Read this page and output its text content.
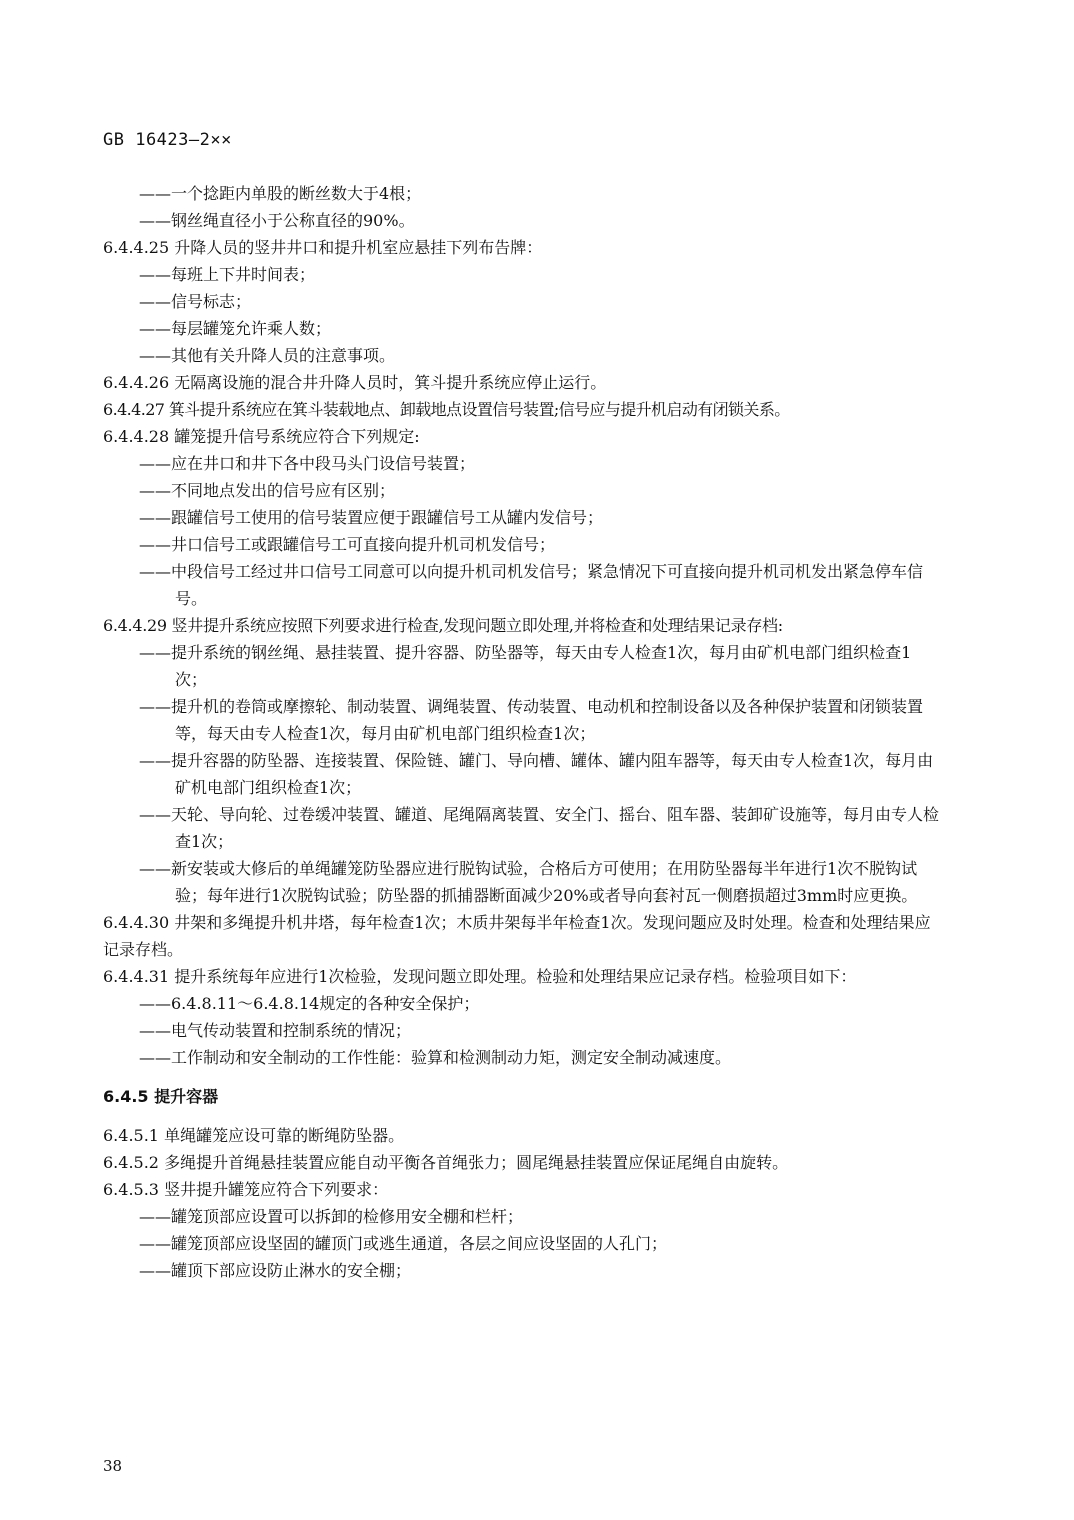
GB 16423—2××
——一个捻距内单股的断丝数大于4根；
——钢丝绳直径小于公称直径的90%。
6.4.4.25 升降人员的竖井井口和提升机室应悬挂下列布告牌：
——每班上下井时间表；
——信号标志；
——每层罐笼允许乘人数；
——其他有关升降人员的注意事项。
6.4.4.26 无隔离设施的混合井升降人员时，箕斗提升系统应停止运行。
6.4.4.27 箕斗提升系统应在箕斗装载地点、卸载地点设置信号装置;信号应与提升机启动有闭锁关系。
6.4.4.28 罐笼提升信号系统应符合下列规定:
——应在井口和井下各中段马头门设信号装置；
——不同地点发出的信号应有区别；
——跟罐信号工使用的信号装置应便于跟罐信号工从罐内发信号；
——井口信号工或跟罐信号工可直接向提升机司机发信号；
——中段信号工经过井口信号工同意可以向提升机司机发信号；紧急情况下可直接向提升机司机发出紧急停车信号。
6.4.4.29 竖井提升系统应按照下列要求进行检查,发现问题立即处理,并将检查和处理结果记录存档:
——提升系统的钢丝绳、悬挂装置、提升容器、防坠器等，每天由专人检查1次，每月由矿机电部门组织检查1次；
——提升机的卷筒或摩擦轮、制动装置、调绳装置、传动装置、电动机和控制设备以及各种保护装置和闭锁装置等，每天由专人检查1次，每月由矿机电部门组织检查1次；
——提升容器的防坠器、连接装置、保险链、罐门、导向槽、罐体、罐内阻车器等，每天由专人检查1次，每月由矿机电部门组织检查1次；
——天轮、导向轮、过卷缓冲装置、罐道、尾绳隔离装置、安全门、摇台、阻车器、装卸矿设施等，每月由专人检查1次；
——新安装或大修后的单绳罐笼防坠器应进行脱钩试验，合格后方可使用；在用防坠器每半年进行1次不脱钩试验；每年进行1次脱钩试验；防坠器的抓捕器断面减少20%或者导向套衬瓦一侧磨损超过3mm时应更换。
6.4.4.30 井架和多绳提升机井塔，每年检查1次；木质井架每半年检查1次。发现问题应及时处理。检查和处理结果应记录存档。
6.4.4.31 提升系统每年应进行1次检验，发现问题立即处理。检验和处理结果应记录存档。检验项目如下：
——6.4.8.11～6.4.8.14规定的各种安全保护；
——电气传动装置和控制系统的情况；
——工作制动和安全制动的工作性能：验算和检测制动力矩，测定安全制动减速度。
6.4.5 提升容器
6.4.5.1 单绳罐笼应设可靠的断绳防坠器。
6.4.5.2 多绳提升首绳悬挂装置应能自动平衡各首绳张力；圆尾绳悬挂装置应保证尾绳自由旋转。
6.4.5.3 竖井提升罐笼应符合下列要求：
——罐笼顶部应设置可以拆卸的检修用安全棚和栏杆；
——罐笼顶部应设坚固的罐顶门或逃生通道，各层之间应设坚固的人孔门；
——罐顶下部应设防止淋水的安全棚；
38
